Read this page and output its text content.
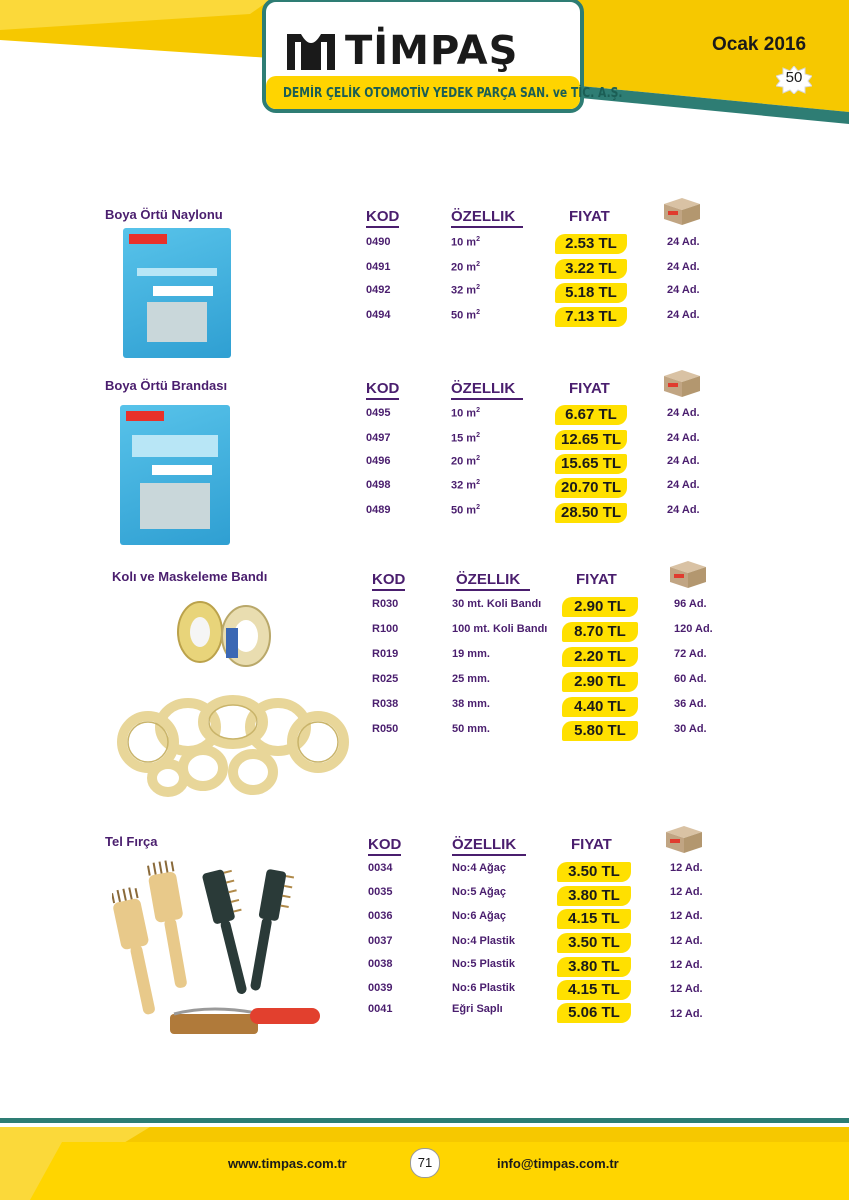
TİMPAŞ
DEMİR ÇELİK OTOMOTİV YEDEK PARÇA SAN. ve TİC. A.Ş.
Ocak 2016
50
Boya Örtü Naylonu	KOD	ÖZELLIK	FIYAT
0490	10 $m^2$	2.53 TL	24 Ad.
0491	20 $m^2$	3.22 TL	24 Ad.
0492	32 $m^2$	5.18 TL	24 Ad.
0494	50 $m^2$	7.13 TL	24 Ad.
Boya Örtü Brandası	KOD	ÖZELLIK	FIYAT
0495	10 $m^2$	6.67 TL	24 Ad.
0497	15 $m^2$	12.65 TL	24 Ad.
0496	20 $m^2$	15.65 TL	24 Ad.
0498	32 $m^2$	20.70 TL	24 Ad.
0489	50 $m^2$	28.50 TL	24 Ad.
Kolı ve Maskeleme Bandı	KOD	ÖZELLIK	FIYAT
R030	30 mt. Koli Bandı	2.90 TL	96 Ad.
R100	100 mt. Koli Bandı	8.70 TL	120 Ad.
R019	19 mm.	2.20 TL	72 Ad.
R025	25 mm.	2.90 TL	60 Ad.
R038	38 mm.	4.40 TL	36 Ad.
R050	50 mm.	5.80 TL	30 Ad.
Tel Fırça	KOD	ÖZELLIK	FIYAT
0034	No:4 Ağaç	3.50 TL	12 Ad.
0035	No:5 Ağaç	3.80 TL	12 Ad.
0036	No:6 Ağaç	4.15 TL	12 Ad.
0037	No:4 Plastik	3.50 TL	12 Ad.
0038	No:5 Plastik	3.80 TL	12 Ad.
0039	No:6 Plastik	4.15 TL	12 Ad.
0041	Eğri Saplı	5.06 TL	12 Ad.
www.timpas.com.tr	71	info@timpas.com.tr
